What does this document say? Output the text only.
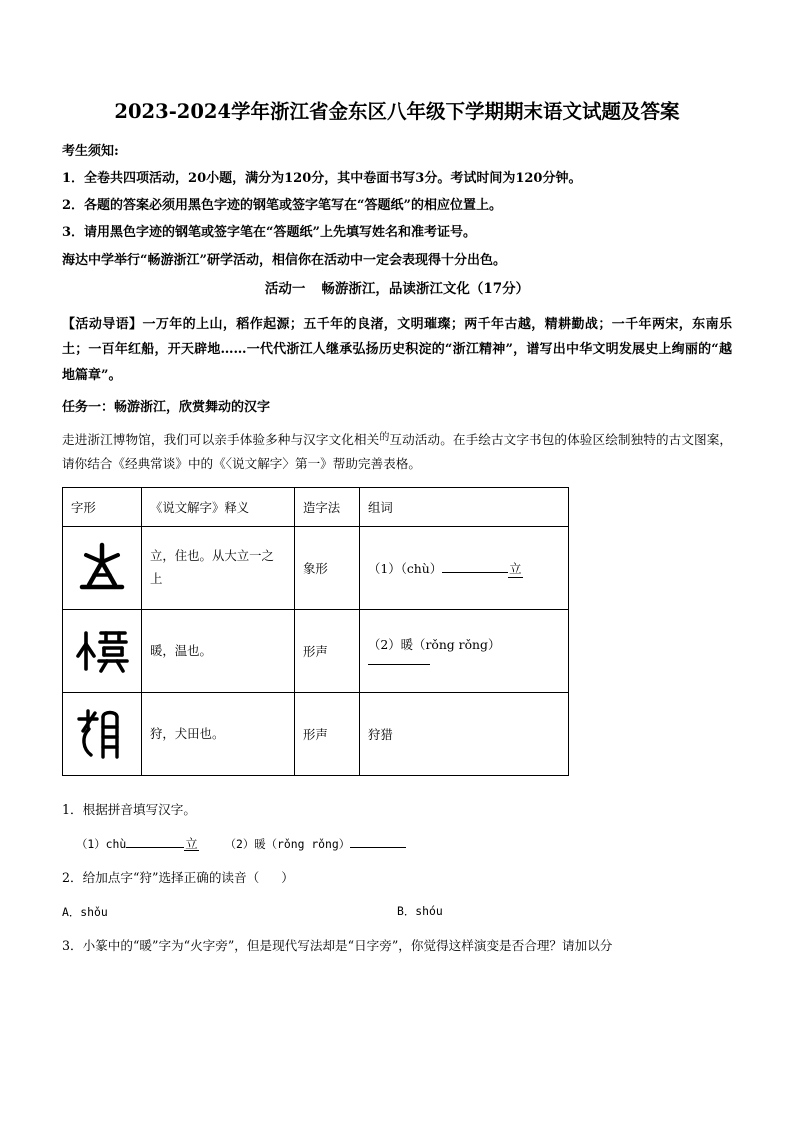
2023-2024学年浙江省金东区八年级下学期期末语文试题及答案

考生须知:

1．全卷共四项活动，20小题，满分为120分，其中卷面书写3分。考试时间为120分钟。

2．各题的答案必须用黑色字迹的钢笔或签字笔写在“答题纸”的相应位置上。

3．请用黑色字迹的钢笔或签字笔在“答题纸”上先填写姓名和准考证号。

海达中学举行“畅游浙江”研学活动，相信你在活动中一定会表现得十分出色。

活动一 畅游浙江，品读浙江文化（17分）

【活动导语】一万年的上山，稻作起源；五千年的良渚，文明璀璨；两千年古越，精耕勤战；一千年两宋，东南乐土；一百年红船，开天辟地……一代代浙江人继承弘扬历史积淀的“浙江精神”，谱写出中华文明发展史上绚丽的“越地篇章”。

任务一：畅游浙江，欣赏舞动的汉字

走进浙江博物馆，我们可以亲手体验多种与汉字文化相关$^的$互动活动。在手绘古文字书包的体验区绘制独特的古文图案，请你结合《经典常谈》中的《〈说文解字〉第一》帮助完善表格。

字形	《说文解字》释义	造字法	组词

	立，住也。从大立一之上	象形	（1）（chù） 立

	暖，温也。	形声	（2）暖（rǒng rǒng）

	狩，犬田也。	形声	狩猎

1．根据拼音填写汉字。

（1）chù	立 （2）暖（rǒng rǒng）

2．给加点字“狩”选择正确的读音（ ）

A．shǒu	B．shóu

3．小篆中的“暖”字为“火字旁”，但是现代写法却是“日字旁”，你觉得这样演变是否合理？请加以分
